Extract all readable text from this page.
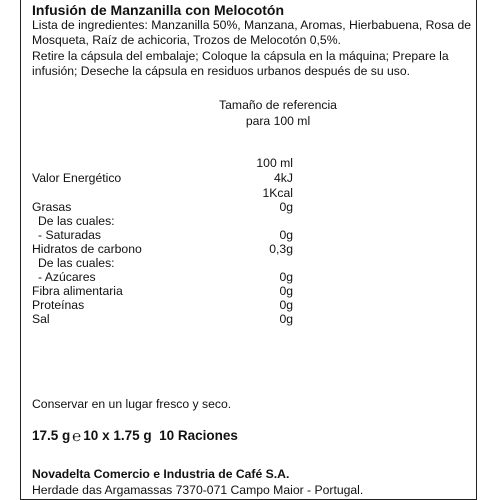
Infusión de Manzanilla con Melocotón
Lista de ingredientes: Manzanilla 50%, Manzana, Aromas, Hierbabuena, Rosa de Mosqueta, Raíz de achicoria, Trozos de Melocotón 0,5%.
Retire la cápsula del embalaje; Coloque la cápsula en la máquina; Prepare la infusión; Deseche la cápsula en residuos urbanos después de su uso.
Tamaño de referencia
para 100 ml
100 ml
Valor Energético	4kJ
1Kcal
Grasas	0g
De las cuales:
- Saturadas	0g
Hidratos de carbono	0,3g
De las cuales:
- Azúcares	0g
Fibra alimentaria	0g
Proteínas	0g
Sal	0g
Conservar en un lugar fresco y seco.
17.5 g ℮ 10 x 1.75 g 10 Raciones
Novadelta Comercio e Industria de Café S.A.
Herdade das Argamassas 7370-071 Campo Maior - Portugal.
